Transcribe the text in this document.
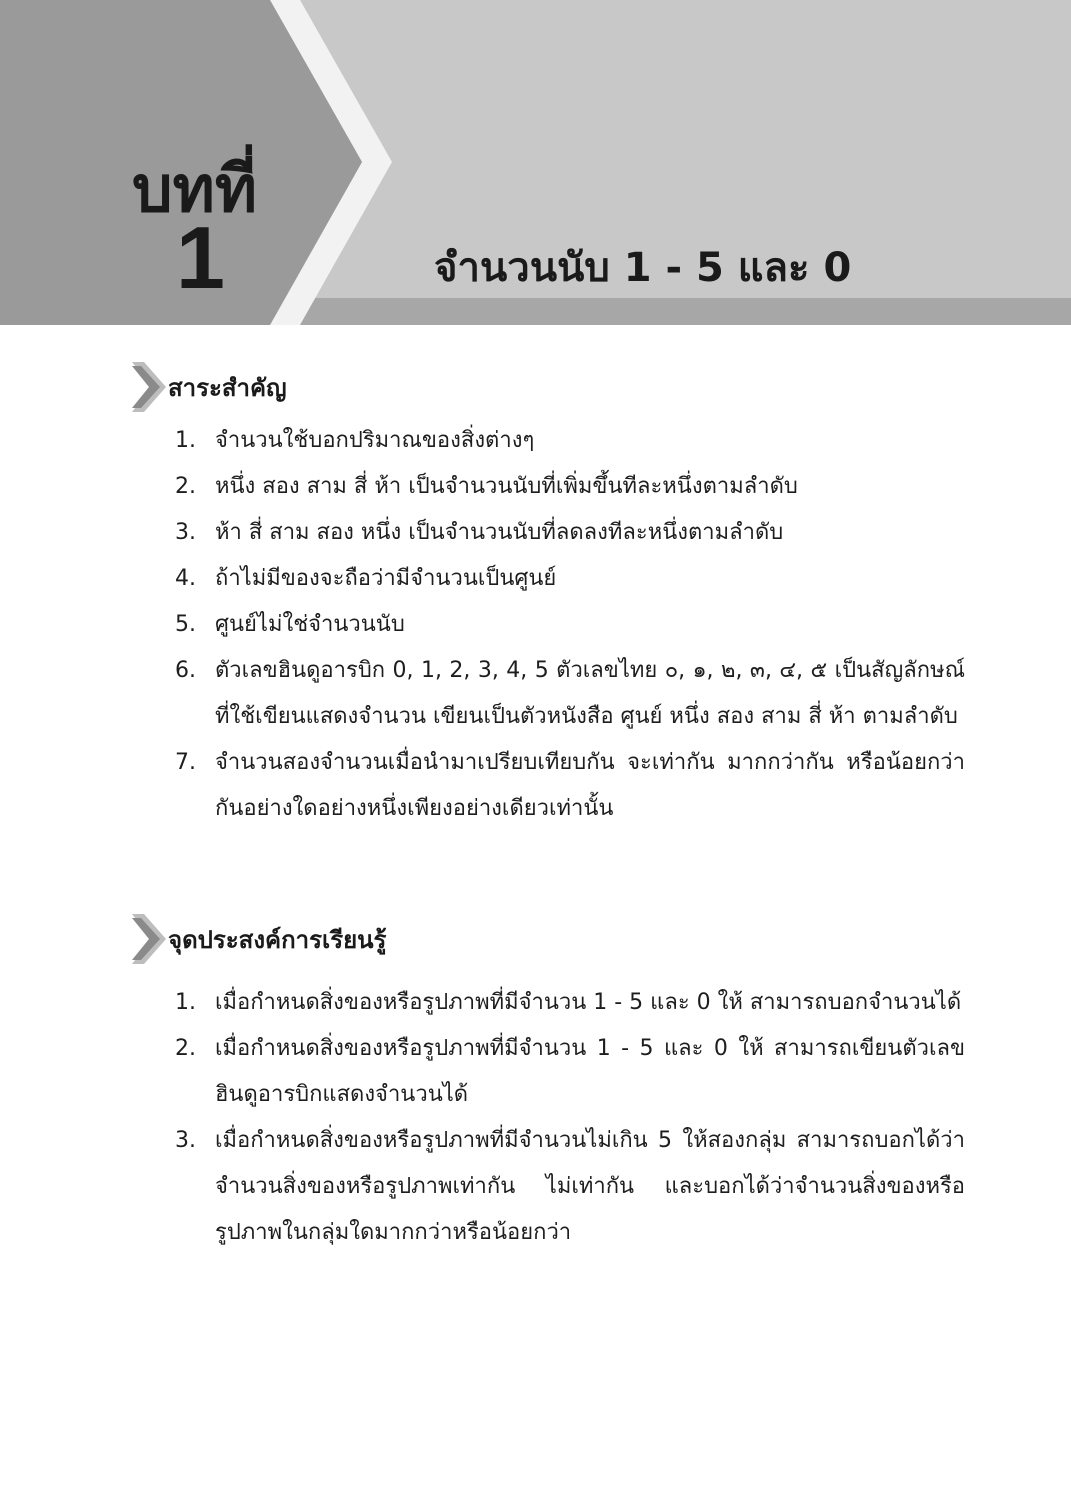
บทที่
1	จำนวนนับ 1 - 5 และ 0
สาระสำคัญ
1. จำนวนใช้บอกปริมาณของสิ่งต่างๆ
2. หนึ่ง สอง สาม สี่ ห้า เป็นจำนวนนับที่เพิ่มขึ้นทีละหนึ่งตามลำดับ
3. ห้า สี่ สาม สอง หนึ่ง เป็นจำนวนนับที่ลดลงทีละหนึ่งตามลำดับ
4. ถ้าไม่มีของจะถือว่ามีจำนวนเป็นศูนย์
5. ศูนย์ไม่ใช่จำนวนนับ
6. ตัวเลขฮินดูอารบิก 0, 1, 2, 3, 4, 5 ตัวเลขไทย ๐, ๑, ๒, ๓, ๔, ๕ เป็นสัญลักษณ์ที่ใช้เขียนแสดงจำนวน เขียนเป็นตัวหนังสือ ศูนย์ หนึ่ง สอง สาม สี่ ห้า ตามลำดับ
7. จำนวนสองจำนวนเมื่อนำมาเปรียบเทียบกัน จะเท่ากัน มากกว่ากัน หรือน้อยกว่ากันอย่างใดอย่างหนึ่งเพียงอย่างเดียวเท่านั้น
จุดประสงค์การเรียนรู้
1. เมื่อกำหนดสิ่งของหรือรูปภาพที่มีจำนวน 1 - 5 และ 0 ให้ สามารถบอกจำนวนได้
2. เมื่อกำหนดสิ่งของหรือรูปภาพที่มีจำนวน 1 - 5 และ 0 ให้ สามารถเขียนตัวเลขฮินดูอารบิกแสดงจำนวนได้
3. เมื่อกำหนดสิ่งของหรือรูปภาพที่มีจำนวนไม่เกิน 5 ให้สองกลุ่ม สามารถบอกได้ว่าจำนวนสิ่งของหรือรูปภาพเท่ากัน ไม่เท่ากัน และบอกได้ว่าจำนวนสิ่งของหรือรูปภาพในกลุ่มใดมากกว่าหรือน้อยกว่า
